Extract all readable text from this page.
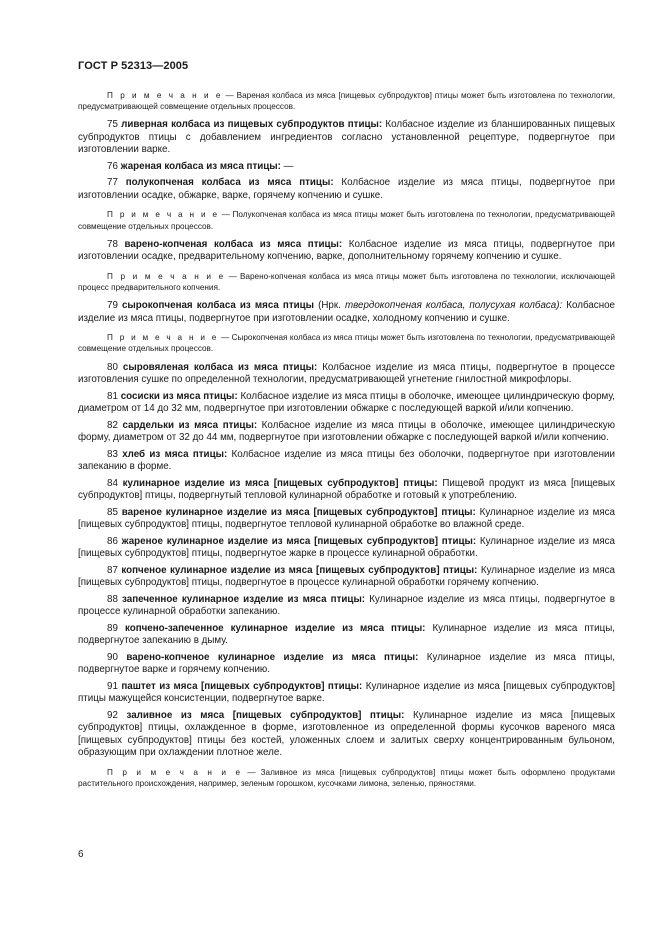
ГОСТ Р 52313—2005

П р и м е ч а н и е — Вареная колбаса из мяса [пищевых субпродуктов] птицы может быть изготовлена по технологии, предусматривающей совмещение отдельных процессов.

75 ливерная колбаса из пищевых субпродуктов птицы: Колбасное изделие из бланшированных пищевых субпродуктов птицы с добавлением ингредиентов согласно установленной рецептуре, подвергнутое при изготовлении варке.

76 жареная колбаса из мяса птицы: —

77 полукопченая колбаса из мяса птицы: Колбасное изделие из мяса птицы, подвергнутое при изготовлении осадке, обжарке, варке, горячему копчению и сушке.

П р и м е ч а н и е — Полукопченая колбаса из мяса птицы может быть изготовлена по технологии, предусматривающей совмещение отдельных процессов.

78 варено-копченая колбаса из мяса птицы: Колбасное изделие из мяса птицы, подвергнутое при изготовлении осадке, предварительному копчению, варке, дополнительному горячему копчению и сушке.

П р и м е ч а н и е — Варено-копченая колбаса из мяса птицы может быть изготовлена по технологии, исключающей процесс предварительного копчения.

79 сырокопченая колбаса из мяса птицы (Нрк. твердокопченая колбаса, полусухая колбаса): Колбасное изделие из мяса птицы, подвергнутое при изготовлении осадке, холодному копчению и сушке.

П р и м е ч а н и е — Сырокопченая колбаса из мяса птицы может быть изготовлена по технологии, предусматривающей совмещение отдельных процессов.

80 сыровяленая колбаса из мяса птицы: Колбасное изделие из мяса птицы, подвергнутое в процессе изготовления сушке по определенной технологии, предусматривающей угнетение гнилостной микрофлоры.

81 сосиски из мяса птицы: Колбасное изделие из мяса птицы в оболочке, имеющее цилиндрическую форму, диаметром от 14 до 32 мм, подвергнутое при изготовлении обжарке с последующей варкой и/или копчению.

82 сардельки из мяса птицы: Колбасное изделие из мяса птицы в оболочке, имеющее цилиндрическую форму, диаметром от 32 до 44 мм, подвергнутое при изготовлении обжарке с последующей варкой и/или копчению.

83 хлеб из мяса птицы: Колбасное изделие из мяса птицы без оболочки, подвергнутое при изготовлении запеканию в форме.

84 кулинарное изделие из мяса [пищевых субпродуктов] птицы: Пищевой продукт из мяса [пищевых субпродуктов] птицы, подвергнутый тепловой кулинарной обработке и готовый к употреблению.

85 вареное кулинарное изделие из мяса [пищевых субпродуктов] птицы: Кулинарное изделие из мяса [пищевых субпродуктов] птицы, подвергнутое тепловой кулинарной обработке во влажной среде.

86 жареное кулинарное изделие из мяса [пищевых субпродуктов] птицы: Кулинарное изделие из мяса [пищевых субпродуктов] птицы, подвергнутое жарке в процессе кулинарной обработки.

87 копченое кулинарное изделие из мяса [пищевых субпродуктов] птицы: Кулинарное изделие из мяса [пищевых субпродуктов] птицы, подвергнутое в процессе кулинарной обработки горячему копчению.

88 запеченное кулинарное изделие из мяса птицы: Кулинарное изделие из мяса птицы, подвергнутое в процессе кулинарной обработки запеканию.

89 копчено-запеченное кулинарное изделие из мяса птицы: Кулинарное изделие из мяса птицы, подвергнутое запеканию в дыму.

90 варено-копченое кулинарное изделие из мяса птицы: Кулинарное изделие из мяса птицы, подвергнутое варке и горячему копчению.

91 паштет из мяса [пищевых субпродуктов] птицы: Кулинарное изделие из мяса [пищевых субпродуктов] птицы мажущейся консистенции, подвергнутое варке.

92 заливное из мяса [пищевых субпродуктов] птицы: Кулинарное изделие из мяса [пищевых субпродуктов] птицы, охлажденное в форме, изготовленное из определенной формы кусочков вареного мяса [пищевых субпродуктов] птицы без костей, уложенных слоем и залитых сверху концентрированным бульоном, образующим при охлаждении плотное желе.

П р и м е ч а н и е — Заливное из мяса [пищевых субпродуктов] птицы может быть оформлено продуктами растительного происхождения, например, зеленым горошком, кусочками лимона, зеленью, пряностями.

6
